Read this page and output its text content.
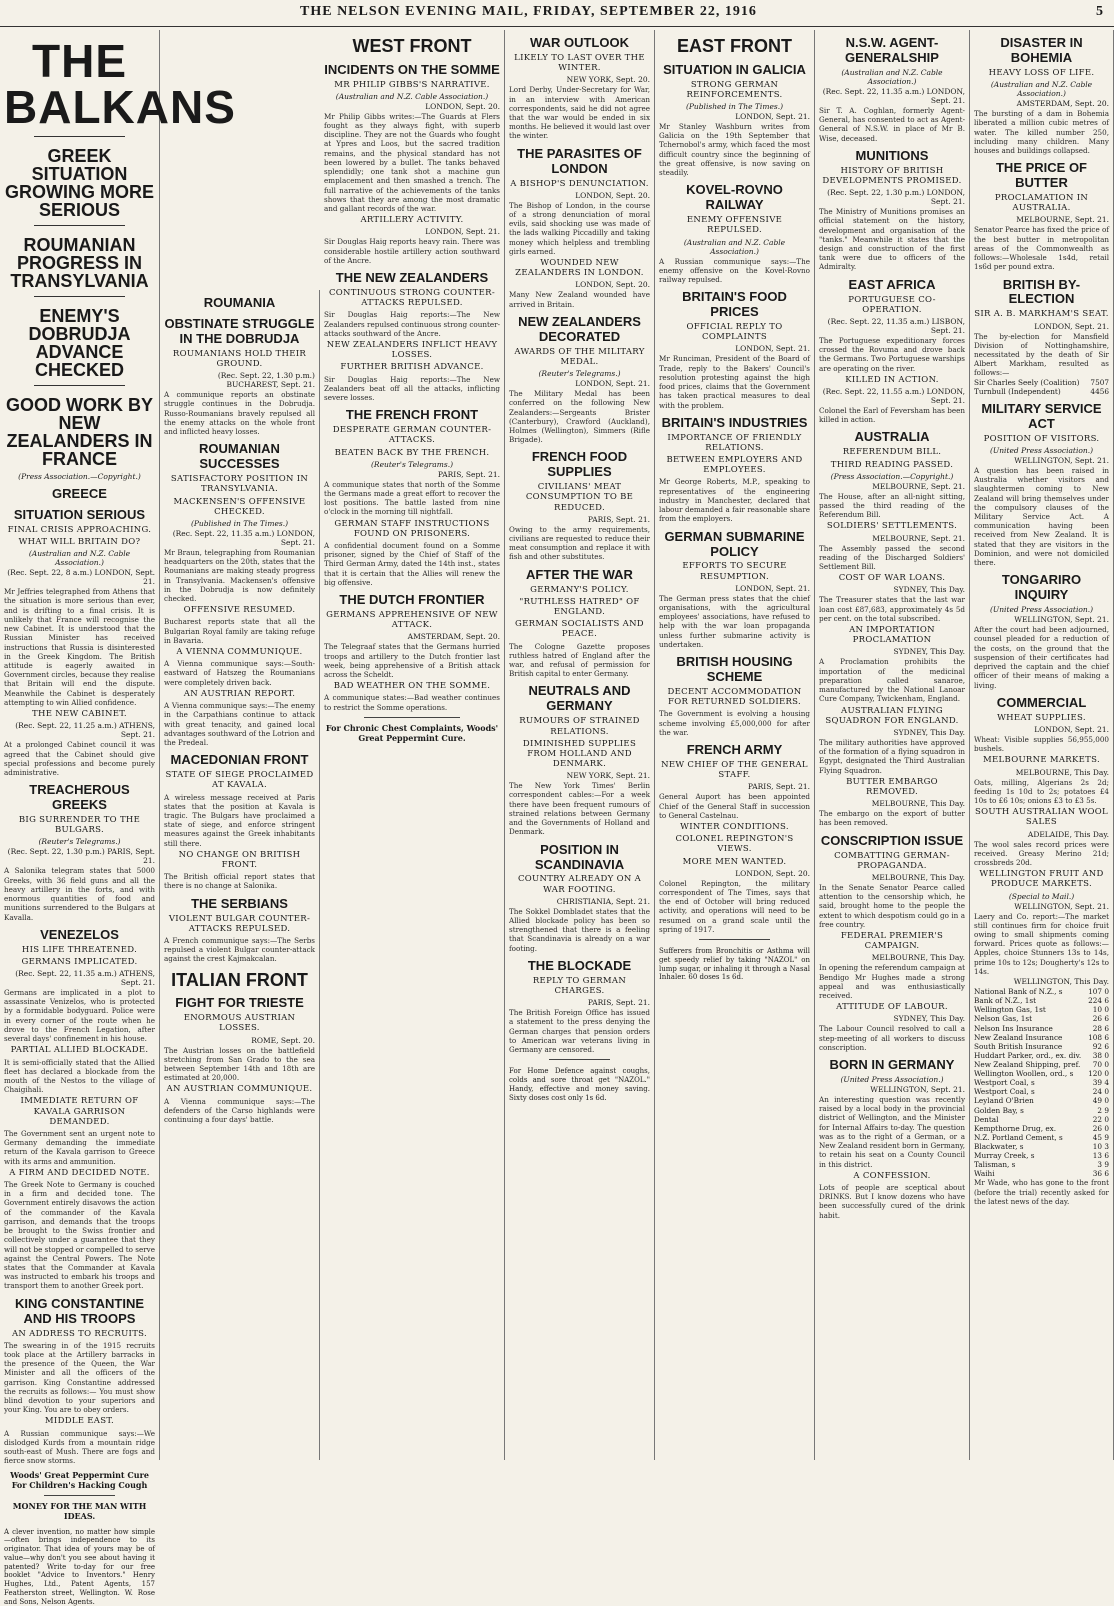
THE NELSON EVENING MAIL, FRIDAY, SEPTEMBER 22, 1916	5
THE BALKANS
GREEK SITUATION GROWING MORE SERIOUS
ROUMANIAN PROGRESS IN TRANSYLVANIA
ENEMY'S DOBRUDJA ADVANCE CHECKED
GOOD WORK BY NEW ZEALANDERS IN FRANCE
(Press Association.—Copyright.)
GREECE
SITUATION SERIOUS
FINAL CRISIS APPROACHING.
WHAT WILL BRITAIN DO?
(Australian and N.Z. Cable Association.)
(Rec. Sept. 22, 8 a.m.) LONDON, Sept. 21.

Mr Jeffries telegraphed from Athens that the situation is more serious than ever, and is drifting to a final crisis. It is unlikely that France will recognise the new Cabinet. It is understood that the Russian Minister has received instructions that Russia is disinterested in the Greek Kingdom. The British attitude is eagerly awaited in Government circles, because they realise that Britain will end the dispute. Meanwhile the Cabinet is desperately attempting to win Allied confidence.

THE NEW CABINET.
(Rec. Sept. 22, 11.25 a.m.) ATHENS, Sept. 21.

At a prolonged Cabinet council it was agreed that the Cabinet should give special professions and become purely administrative.

TREACHEROUS GREEKS
BIG SURRENDER TO THE BULGARS.
(Reuter's Telegrams.)
(Rec. Sept. 22, 1.30 p.m.) PARIS, Sept. 21.

A Salonika telegram states that 5000 Greeks, with 36 field guns and all the heavy artillery in the forts, and with enormous quantities of food and munitions surrendered to the Bulgars at Kavalla.

VENEZELOS
HIS LIFE THREATENED.
GERMANS IMPLICATED.
(Rec. Sept. 22, 11.35 a.m.) ATHENS, Sept. 21.

Germans are implicated in a plot to assassinate Venizelos, who is protected by a formidable bodyguard. Police were in every corner of the route when he drove to the French Legation, after several days' confinement in his house.

PARTIAL ALLIED BLOCKADE.

It is semi-officially stated that the Allied fleet has declared a blockade from the mouth of the Nestos to the village of Chaigihali.

IMMEDIATE RETURN OF KAVALA GARRISON DEMANDED.

The Government sent an urgent note to Germany demanding the immediate return of the Kavala garrison to Greece with its arms and ammunition.

A FIRM AND DECIDED NOTE.

The Greek Note to Germany is couched in a firm and decided tone. The Government entirely disavows the action of the commander of the Kavala garrison, and demands that the troops be brought to the Swiss frontier and collectively under a guarantee that they will not be stopped or compelled to serve against the Central Powers. The Note states that the Commander at Kavala was instructed to embark his troops and transport them to another Greek port.

KING CONSTANTINE AND HIS TROOPS
AN ADDRESS TO RECRUITS.

The swearing in of the 1915 recruits took place at the Artillery barracks in the presence of the Queen, the War Minister and all the officers of the garrison. King Constantine addressed the recruits as follows:— You must show blind devotion to your superiors and your King. You are to obey orders.

MIDDLE EAST.

A Russian communique says:—We dislodged Kurds from a mountain ridge south-east of Mush. There are fogs and fierce snow storms.

Woods' Great Peppermint Cure For Children's Hacking Cough
MONEY FOR THE MAN WITH IDEAS.

A clever invention, no matter how simple—often brings independence to its originator. That idea of yours may be of value—why don't you see about having it patented? Write to-day for our free booklet "Advice to Inventors." Henry Hughes, Ltd., Patent Agents, 157 Featherston street, Wellington. W. Rose and Sons, Nelson Agents.

ROUMANIA
OBSTINATE STRUGGLE IN THE DOBRUDJA
ROUMANIANS HOLD THEIR GROUND.
(Rec. Sept. 22, 1.30 p.m.) BUCHAREST, Sept. 21.

A communique reports an obstinate struggle continues in the Dobrudja. Russo-Roumanians bravely repulsed all the enemy attacks on the whole front and inflicted heavy losses.

ROUMANIAN SUCCESSES
SATISFACTORY POSITION IN TRANSYLVANIA.
MACKENSEN'S OFFENSIVE CHECKED.
(Published in The Times.)
(Rec. Sept. 22, 11.35 a.m.) LONDON, Sept. 21.

Mr Braun, telegraphing from Roumanian headquarters on the 20th, states that the Roumanians are making steady progress in Transylvania. Mackensen's offensive in the Dobrudja is now definitely checked.

OFFENSIVE RESUMED.

Bucharest reports state that all the Bulgarian Royal family are taking refuge in Bavaria.

A VIENNA COMMUNIQUE.

A Vienna communique says:—South-eastward of Hatszeg the Roumanians were completely driven back.

AN AUSTRIAN REPORT.

A Vienna communique says:—The enemy in the Carpathians continue to attack with great tenacity, and gained local advantages southward of the Lotrion and the Predeal.

MACEDONIAN FRONT
STATE OF SIEGE PROCLAIMED AT KAVALA.

A wireless message received at Paris states that the position at Kavala is tragic. The Bulgars have proclaimed a state of siege, and enforce stringent measures against the Greek inhabitants still there.

NO CHANGE ON BRITISH FRONT.

The British official report states that there is no change at Salonika.

THE SERBIANS
VIOLENT BULGAR COUNTER-ATTACKS REPULSED.

A French communique says:—The Serbs repulsed a violent Bulgar counter-attack against the crest Kajmakcalan.

ITALIAN FRONT
FIGHT FOR TRIESTE
ENORMOUS AUSTRIAN LOSSES.
ROME, Sept. 20.

The Austrian losses on the battlefield stretching from San Grado to the sea between September 14th and 18th are estimated at 20,000.

AN AUSTRIAN COMMUNIQUE.

A Vienna communique says:—The defenders of the Carso highlands were continuing a four days' battle.

WEST FRONT
INCIDENTS ON THE SOMME
MR PHILIP GIBBS'S NARRATIVE.
(Australian and N.Z. Cable Association.)
LONDON, Sept. 20.

Mr Philip Gibbs writes:—The Guards at Flers fought as they always fight, with superb discipline. They are not the Guards who fought at Ypres and Loos, but the sacred tradition remains, and the physical standard has not been lowered by a bullet. The tanks behaved splendidly; one tank shot a machine gun emplacement and then smashed a trench. The full narrative of the achievements of the tanks shows that they are among the most dramatic and gallant records of the war.

ARTILLERY ACTIVITY.
LONDON, Sept. 21.

Sir Douglas Haig reports heavy rain. There was considerable hostile artillery action southward of the Ancre.

THE NEW ZEALANDERS
CONTINUOUS STRONG COUNTER-ATTACKS REPULSED.

Sir Douglas Haig reports:—The New Zealanders repulsed continuous strong counter-attacks southward of the Ancre.

NEW ZEALANDERS INFLICT HEAVY LOSSES.
FURTHER BRITISH ADVANCE.

Sir Douglas Haig reports:—The New Zealanders beat off all the attacks, inflicting severe losses.

THE FRENCH FRONT
DESPERATE GERMAN COUNTER-ATTACKS.
BEATEN BACK BY THE FRENCH.
(Reuter's Telegrams.)
PARIS, Sept. 21.

A communique states that north of the Somme the Germans made a great effort to recover the lost positions. The battle lasted from nine o'clock in the morning till nightfall.

GERMAN STAFF INSTRUCTIONS FOUND ON PRISONERS.

A confidential document found on a Somme prisoner, signed by the Chief of Staff of the Third German Army, dated the 14th inst., states that it is certain that the Allies will renew the big offensive.

THE DUTCH FRONTIER
GERMANS APPREHENSIVE OF NEW ATTACK.
AMSTERDAM, Sept. 20.

The Telegraaf states that the Germans hurried troops and artillery to the Dutch frontier last week, being apprehensive of a British attack across the Scheldt.

BAD WEATHER ON THE SOMME.

A communique states:—Bad weather continues to restrict the Somme operations.

For Chronic Chest Complaints, Woods' Great Peppermint Cure.
WAR OUTLOOK
LIKELY TO LAST OVER THE WINTER.
NEW YORK, Sept. 20.

Lord Derby, Under-Secretary for War, in an interview with American correspondents, said he did not agree that the war would be ended in six months. He believed it would last over the winter.

THE PARASITES OF LONDON
A BISHOP'S DENUNCIATION.
LONDON, Sept. 20.

The Bishop of London, in the course of a strong denunciation of moral evils, said shocking use was made of the lads walking Piccadilly and taking money which helpless and trembling girls earned.

WOUNDED NEW ZEALANDERS IN LONDON.
LONDON, Sept. 20.

Many New Zealand wounded have arrived in Britain.

NEW ZEALANDERS DECORATED
AWARDS OF THE MILITARY MEDAL.
(Reuter's Telegrams.)
LONDON, Sept. 21.

The Military Medal has been conferred on the following New Zealanders:—Sergeants Brister (Canterbury), Crawford (Auckland), Holmes (Wellington), Simmers (Rifle Brigade).

FRENCH FOOD SUPPLIES
CIVILIANS' MEAT CONSUMPTION TO BE REDUCED.
PARIS, Sept. 21.

Owing to the army requirements, civilians are requested to reduce their meat consumption and replace it with fish and other substitutes.

AFTER THE WAR
GERMANY'S POLICY.
"RUTHLESS HATRED" OF ENGLAND.
GERMAN SOCIALISTS AND PEACE.

The Cologne Gazette proposes ruthless hatred of England after the war, and refusal of permission for British capital to enter Germany.

NEUTRALS AND GERMANY
RUMOURS OF STRAINED RELATIONS.
DIMINISHED SUPPLIES FROM HOLLAND AND DENMARK.
NEW YORK, Sept. 21.

The New York Times' Berlin correspondent cables:—For a week there have been frequent rumours of strained relations between Germany and the Governments of Holland and Denmark.

POSITION IN SCANDINAVIA
COUNTRY ALREADY ON A WAR FOOTING.
CHRISTIANIA, Sept. 21.

The Sokkel Dombladet states that the Allied blockade policy has been so strengthened that there is a feeling that Scandinavia is already on a war footing.

THE BLOCKADE
REPLY TO GERMAN CHARGES.
PARIS, Sept. 21.

The British Foreign Office has issued a statement to the press denying the German charges that pension orders to American war veterans living in Germany are censored.

For Home Defence against coughs, colds and sore throat get "NAZOL." Handy, effective and money saving. Sixty doses cost only 1s 6d.

EAST FRONT
SITUATION IN GALICIA
STRONG GERMAN REINFORCEMENTS.
(Published in The Times.)
LONDON, Sept. 21.

Mr Stanley Washburn writes from Galicia on the 19th September that Tchernobol's army, which faced the most difficult country since the beginning of the great offensive, is now saving on steadily.

KOVEL-ROVNO RAILWAY
ENEMY OFFENSIVE REPULSED.
(Australian and N.Z. Cable Association.)

A Russian communique says:—The enemy offensive on the Kovel-Rovno railway repulsed.

BRITAIN'S FOOD PRICES
OFFICIAL REPLY TO COMPLAINTS
LONDON, Sept. 21.

Mr Runciman, President of the Board of Trade, reply to the Bakers' Council's resolution protesting against the high food prices, claims that the Government has taken practical measures to deal with the problem.

BRITAIN'S INDUSTRIES
IMPORTANCE OF FRIENDLY RELATIONS.
BETWEEN EMPLOYERS AND EMPLOYEES.

Mr George Roberts, M.P., speaking to representatives of the engineering industry in Manchester, declared that labour demanded a fair reasonable share from the employers.

GERMAN SUBMARINE POLICY
EFFORTS TO SECURE RESUMPTION.
LONDON, Sept. 21.

The German press states that the chief organisations, with the agricultural employees' associations, have refused to help with the war loan propaganda unless further submarine activity is undertaken.

BRITISH HOUSING SCHEME
DECENT ACCOMMODATION FOR RETURNED SOLDIERS.

The Government is evolving a housing scheme involving £5,000,000 for after the war.

FRENCH ARMY
NEW CHIEF OF THE GENERAL STAFF.
PARIS, Sept. 21.

General Auport has been appointed Chief of the General Staff in succession to General Castelnau.

WINTER CONDITIONS.
COLONEL REPINGTON'S VIEWS.
MORE MEN WANTED.
LONDON, Sept. 20.

Colonel Repington, the military correspondent of The Times, says that the end of October will bring reduced activity, and operations will need to be resumed on a grand scale until the spring of 1917.

Sufferers from Bronchitis or Asthma will get speedy relief by taking "NAZOL" on lump sugar, or inhaling it through a Nasal Inhaler. 60 doses 1s 6d.

N.S.W. AGENT-GENERALSHIP
(Australian and N.Z. Cable Association.)
(Rec. Sept. 22, 11.35 a.m.) LONDON, Sept. 21.

Sir T. A. Coghlan, formerly Agent-General, has consented to act as Agent-General of N.S.W. in place of Mr B. Wise, deceased.

MUNITIONS
HISTORY OF BRITISH DEVELOPMENTS PROMISED.
(Rec. Sept. 22, 1.30 p.m.) LONDON, Sept. 21.

The Ministry of Munitions promises an official statement on the history, development and organisation of the "tanks." Meanwhile it states that the design and construction of the first tank were due to officers of the Admiralty.

EAST AFRICA
PORTUGUESE CO-OPERATION.
(Rec. Sept. 22, 11.35 a.m.) LISBON, Sept. 21.

The Portuguese expeditionary forces crossed the Rovuma and drove back the Germans. Two Portuguese warships are operating on the river.

KILLED IN ACTION.
(Rec. Sept. 22, 11.55 a.m.) LONDON, Sept. 21.

Colonel the Earl of Feversham has been killed in action.

AUSTRALIA
REFERENDUM BILL.
THIRD READING PASSED.
(Press Association.—Copyright.)
MELBOURNE, Sept. 21.

The House, after an all-night sitting, passed the third reading of the Referendum Bill.

SOLDIERS' SETTLEMENTS.
MELBOURNE, Sept. 21.

The Assembly passed the second reading of the Discharged Soldiers' Settlement Bill.

COST OF WAR LOANS.
SYDNEY, This Day.

The Treasurer states that the last war loan cost £87,683, approximately 4s 5d per cent. on the total subscribed.

AN IMPORTATION PROCLAMATION
SYDNEY, This Day.

A Proclamation prohibits the importation of the medicinal preparation called sanaroe, manufactured by the National Lanoar Cure Company, Twickenham, England.

AUSTRALIAN FLYING SQUADRON FOR ENGLAND.
SYDNEY, This Day.

The military authorities have approved of the formation of a flying squadron in Egypt, designated the Third Australian Flying Squadron.

BUTTER EMBARGO REMOVED.
MELBOURNE, This Day.

The embargo on the export of butter has been removed.

CONSCRIPTION ISSUE
COMBATTING GERMAN-PROPAGANDA.
MELBOURNE, This Day.

In the Senate Senator Pearce called attention to the censorship which, he said, brought home to the people the extent to which despotism could go in a free country.

FEDERAL PREMIER'S CAMPAIGN.
MELBOURNE, This Day.

In opening the referendum campaign at Bendigo Mr Hughes made a strong appeal and was enthusiastically received.

ATTITUDE OF LABOUR.
SYDNEY, This Day.

The Labour Council resolved to call a step-meeting of all workers to discuss conscription.

BORN IN GERMANY
(United Press Association.)
WELLINGTON, Sept. 21.

An interesting question was recently raised by a local body in the provincial district of Wellington, and the Minister for Internal Affairs to-day. The question was as to the right of a German, or a New Zealand resident born in Germany, to retain his seat on a County Council in this district.

A CONFESSION.

Lots of people are sceptical about DRINKS. But I know dozens who have been successfully cured of the drink habit.

DISASTER IN BOHEMIA
HEAVY LOSS OF LIFE.
(Australian and N.Z. Cable Association.)
AMSTERDAM, Sept. 20.

The bursting of a dam in Bohemia liberated a million cubic metres of water. The killed number 250, including many children. Many houses and buildings collapsed.

THE PRICE OF BUTTER
PROCLAMATION IN AUSTRALIA.
MELBOURNE, Sept. 21.

Senator Pearce has fixed the price of the best butter in metropolitan areas of the Commonwealth as follows:—Wholesale 1s4d, retail 1s6d per pound extra.

BRITISH BY-ELECTION
SIR A. B. MARKHAM'S SEAT.
LONDON, Sept. 21.

The by-election for Mansfield Division of Nottinghamshire, necessitated by the death of Sir Albert Markham, resulted as follows:—

Sir Charles Seely (Coalition)	7507
Turnbull (Independent)	4456
MILITARY SERVICE ACT
POSITION OF VISITORS.
(United Press Association.)
WELLINGTON, Sept. 21.

A question has been raised in Australia whether visitors and slaughtermen coming to New Zealand will bring themselves under the compulsory clauses of the Military Service Act. A communication having been received from New Zealand. It is stated that they are visitors in the Dominion, and were not domiciled there.

TONGARIRO INQUIRY
(United Press Association.)
WELLINGTON, Sept. 21.

After the court had been adjourned, counsel pleaded for a reduction of the costs, on the ground that the suspension of their certificates had deprived the captain and the chief officer of their means of making a living.

COMMERCIAL
WHEAT SUPPLIES.
LONDON, Sept. 21.

Wheat: Visible supplies 56,955,000 bushels.

MELBOURNE MARKETS.
MELBOURNE, This Day.

Oats, milling, Algerians 2s 2d; feeding 1s 10d to 2s; potatoes £4 10s to £6 10s; onions £3 to £3 5s.

SOUTH AUSTRALIAN WOOL SALES
ADELAIDE, This Day.

The wool sales record prices were received. Greasy Merino 21d; crossbreds 20d.

WELLINGTON FRUIT AND PRODUCE MARKETS.
(Special to Mail.)
WELLINGTON, Sept. 21.

Laery and Co. report:—The market still continues firm for choice fruit owing to small shipments coming forward. Prices quote as follows:—Apples, choice Stunners 13s to 14s, prime 10s to 12s; Dougherty's 12s to 14s.

WELLINGTON, This Day.
National Bank of N.Z., s	107 0
Bank of N.Z., 1st	224 6
Wellington Gas, 1st	10 0
Nelson Gas, 1st	26 6
Nelson Ins Insurance	28 6
New Zealand Insurance	108 6
South British Insurance	92 6
Huddart Parker, ord., ex. div.	38 0
New Zealand Shipping, pref.	70 0
Wellington Woollen, ord., s	120 0
Westport Coal, s	39 4
Westport Coal, s	24 0
Leyland O'Brien	49 0
Golden Bay, s	2 9
Dental	22 0
Kempthorne Drug, ex.	26 0
N.Z. Portland Cement, s	45 9
Blackwater, s	10 3
Murray Creek, s	13 6
Talisman, s	3 9
Waihi	36 6

Mr Wade, who has gone to the front (before the trial) recently asked for the latest news of the day.
